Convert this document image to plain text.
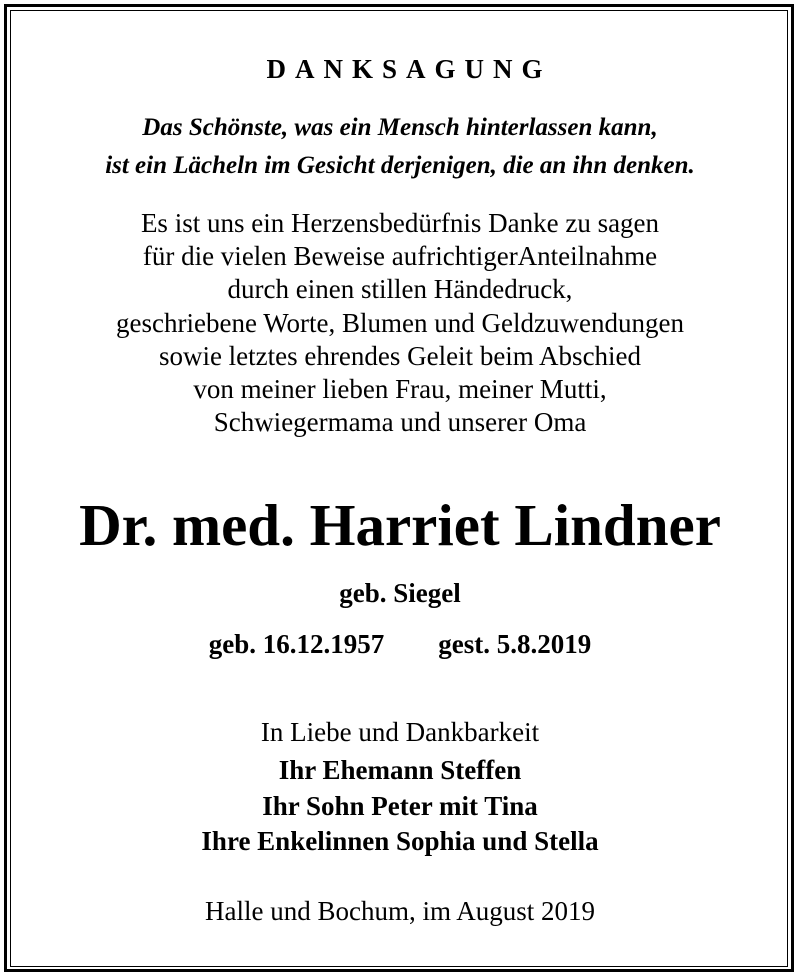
DANKSAGUNG

Das Schönste, was ein Mensch hinterlassen kann,

ist ein Lächeln im Gesicht derjenigen, die an ihn denken.

Es ist uns ein Herzensbedürfnis Danke zu sagen
für die vielen Beweise aufrichtigerAnteilnahme
durch einen stillen Händedruck,
geschriebene Worte, Blumen und Geldzuwendungen
sowie letztes ehrendes Geleit beim Abschied
von meiner lieben Frau, meiner Mutti,
Schwiegermama und unserer Oma

Dr. med. Harriet Lindner

geb. Siegel

geb. 16.12.1957 gest. 5.8.2019

In Liebe und Dankbarkeit

Ihr Ehemann Steffen

Ihr Sohn Peter mit Tina

Ihre Enkelinnen Sophia und Stella

Halle und Bochum, im August 2019
